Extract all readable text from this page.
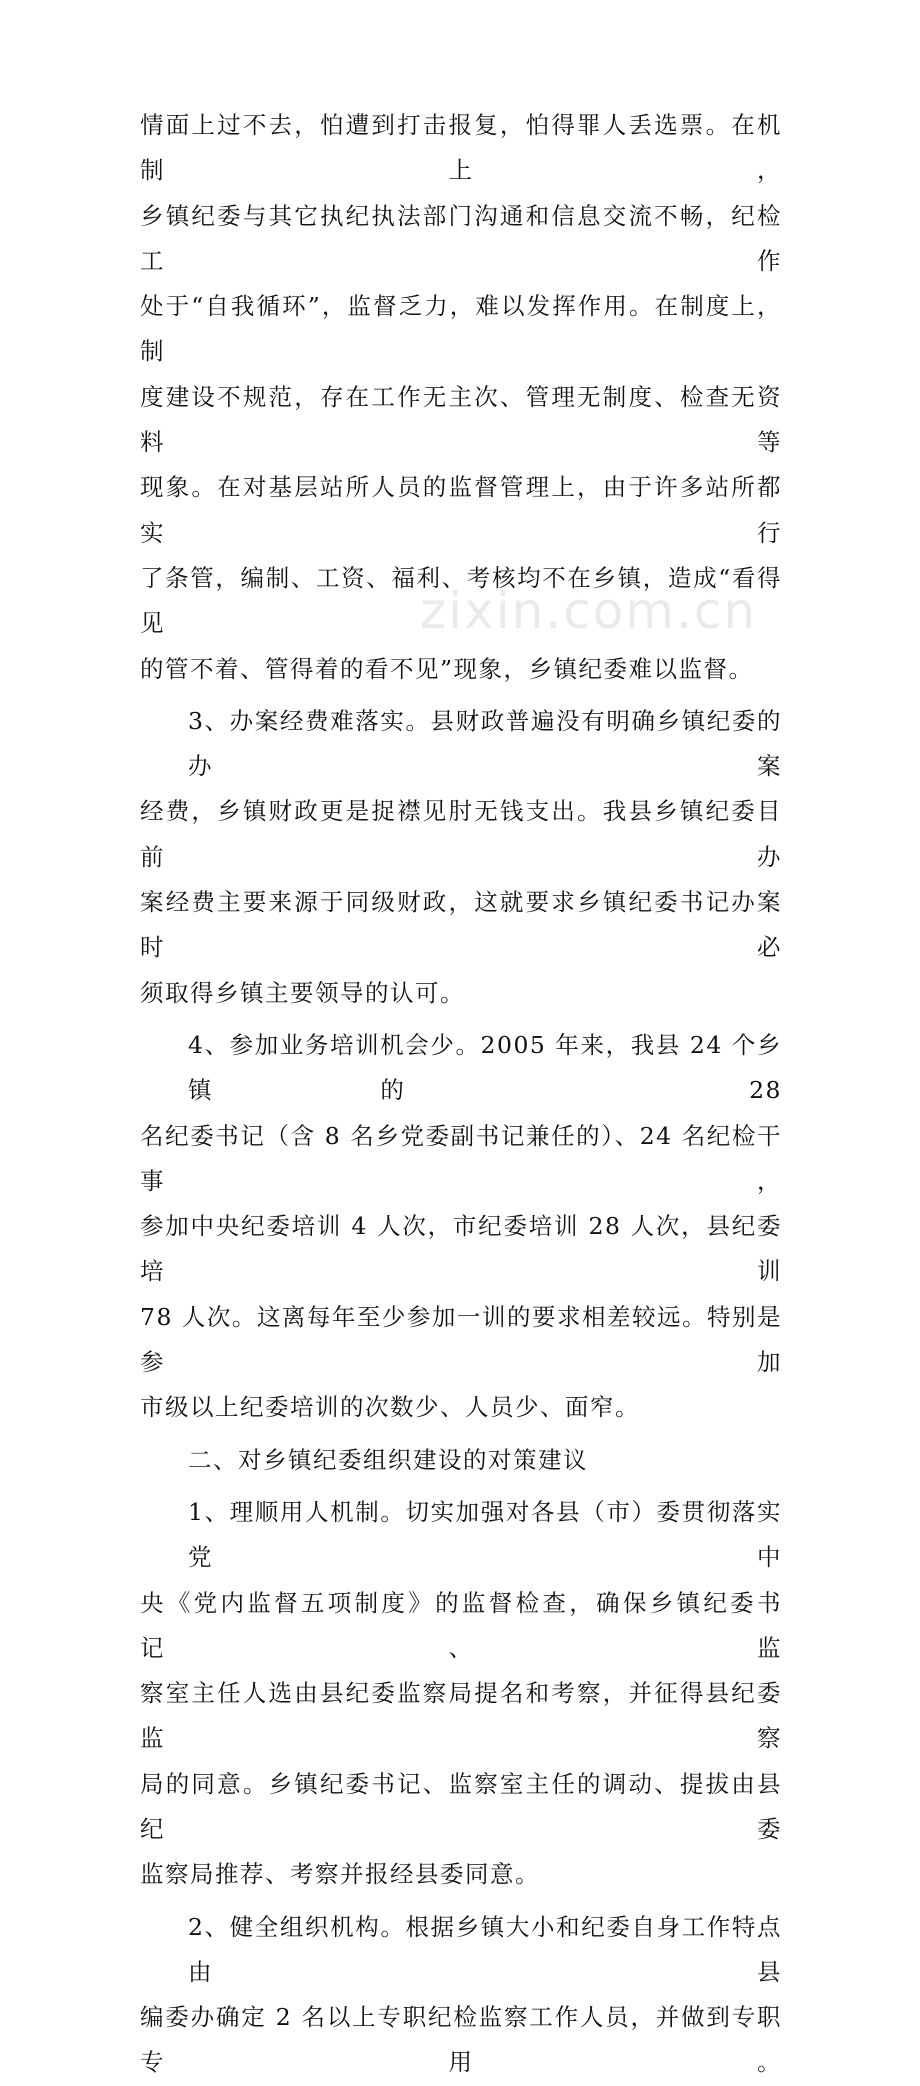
情面上过不去，怕遭到打击报复，怕得罪人丢选票。在机制上，
乡镇纪委与其它执纪执法部门沟通和信息交流不畅，纪检工作
处于“自我循环”，监督乏力，难以发挥作用。在制度上，制
度建设不规范，存在工作无主次、管理无制度、检查无资料等
现象。在对基层站所人员的监督管理上，由于许多站所都实行
了条管，编制、工资、福利、考核均不在乡镇，造成“看得见
的管不着、管得着的看不见”现象，乡镇纪委难以监督。
3、办案经费难落实。县财政普遍没有明确乡镇纪委的办案
经费，乡镇财政更是捉襟见肘无钱支出。我县乡镇纪委目前办
案经费主要来源于同级财政，这就要求乡镇纪委书记办案时必
须取得乡镇主要领导的认可。
4、参加业务培训机会少。2005 年来，我县 24 个乡镇的 28
名纪委书记（含 8 名乡党委副书记兼任的）、24 名纪检干事，
参加中央纪委培训 4 人次，市纪委培训 28 人次，县纪委培训
78 人次。这离每年至少参加一训的要求相差较远。特别是参加
市级以上纪委培训的次数少、人员少、面窄。
二、对乡镇纪委组织建设的对策建议
1、理顺用人机制。切实加强对各县（市）委贯彻落实党中
央《党内监督五项制度》的监督检查，确保乡镇纪委书记、监
察室主任人选由县纪委监察局提名和考察，并征得县纪委监察
局的同意。乡镇纪委书记、监察室主任的调动、提拔由县纪委
监察局推荐、考察并报经县委同意。
2、健全组织机构。根据乡镇大小和纪委自身工作特点由县
编委办确定 2 名以上专职纪检监察工作人员，并做到专职专用。
zixin.com.cn
